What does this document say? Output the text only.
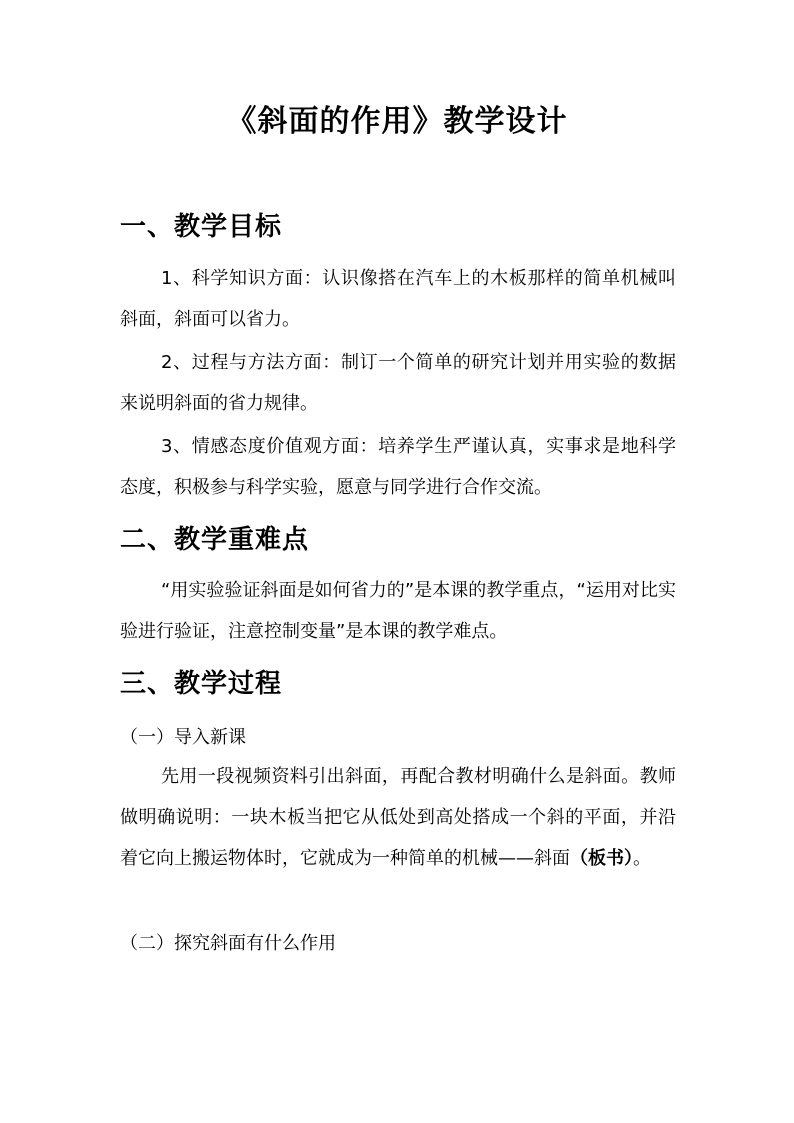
《斜面的作用》教学设计
一、教学目标

1、科学知识方面：认识像搭在汽车上的木板那样的简单机械叫斜面，斜面可以省力。

2、过程与方法方面：制订一个简单的研究计划并用实验的数据来说明斜面的省力规律。

3、情感态度价值观方面：培养学生严谨认真，实事求是地科学态度，积极参与科学实验，愿意与同学进行合作交流。

二、教学重难点

“用实验验证斜面是如何省力的”是本课的教学重点，“运用对比实验进行验证，注意控制变量”是本课的教学难点。

三、教学过程

（一）导入新课

先用一段视频资料引出斜面，再配合教材明确什么是斜面。教师做明确说明：一块木板当把它从低处到高处搭成一个斜的平面，并沿着它向上搬运物体时，它就成为一种简单的机械——斜面（板书）。

（二）探究斜面有什么作用
